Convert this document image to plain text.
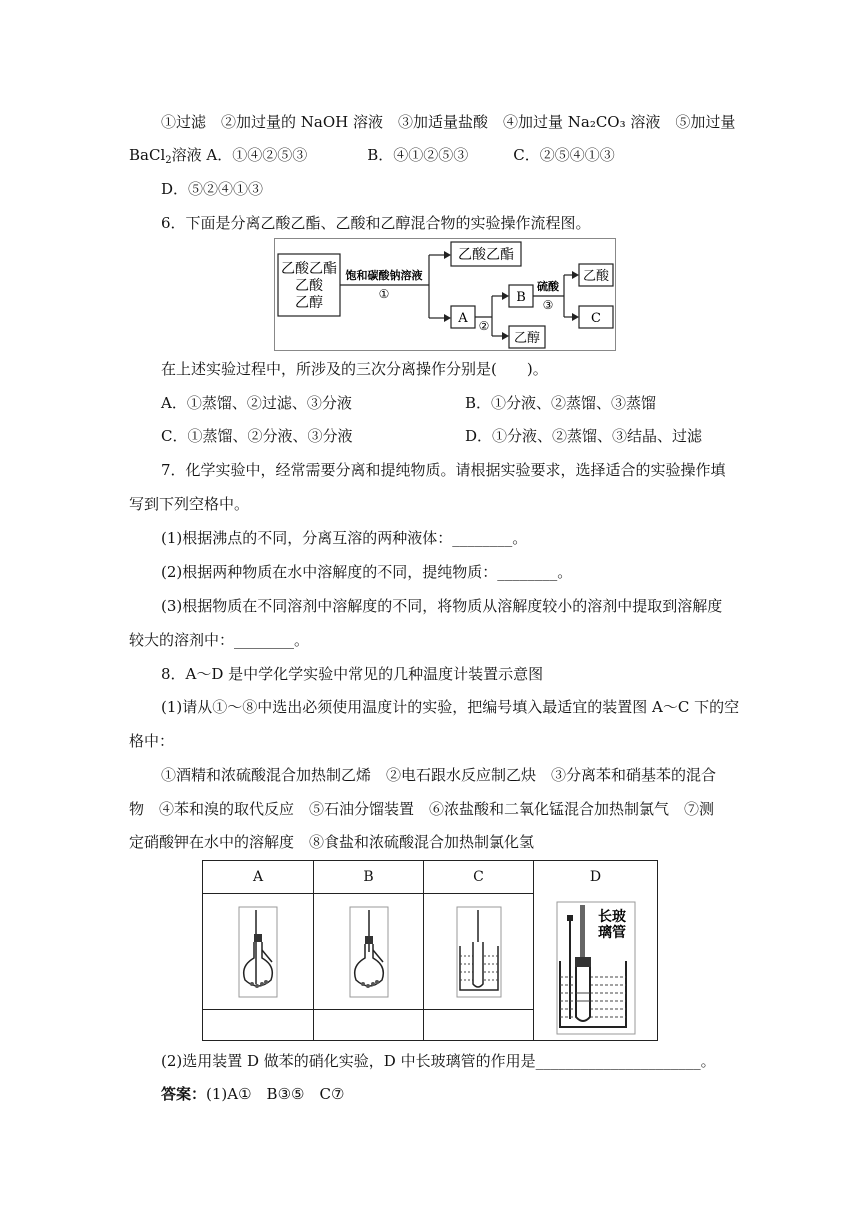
①过滤　②加过量的 NaOH 溶液　③加适量盐酸　④加过量 Na₂CO₃ 溶液　⑤加过量
BaCl$_2$溶液 A．①④②⑤③　　　　B．④①②⑤③　　　C．②⑤④①③
D．⑤②④①③
6．下面是分离乙酸乙酯、乙酸和乙醇混合物的实验操作流程图。
乙酸乙酯
乙酸
乙醇
饱和碳酸钠溶液
①
乙酸乙酯
A ②
B
乙醇
硫酸
③
乙酸
C
在上述实验过程中，所涉及的三次分离操作分别是(　　)。
A．①蒸馏、②过滤、③分液	B．①分液、②蒸馏、③蒸馏
C．①蒸馏、②分液、③分液	D．①分液、②蒸馏、③结晶、过滤
7．化学实验中，经常需要分离和提纯物质。请根据实验要求，选择适合的实验操作填
写到下列空格中。
(1)根据沸点的不同，分离互溶的两种液体：________。
(2)根据两种物质在水中溶解度的不同，提纯物质：________。
(3)根据物质在不同溶剂中溶解度的不同，将物质从溶解度较小的溶剂中提取到溶解度
较大的溶剂中：________。
8．A～D 是中学化学实验中常见的几种温度计装置示意图
(1)请从①～⑧中选出必须使用温度计的实验，把编号填入最适宜的装置图 A～C 下的空
格中：
①酒精和浓硫酸混合加热制乙烯　②电石跟水反应制乙炔　③分离苯和硝基苯的混合
物　④苯和溴的取代反应　⑤石油分馏装置　⑥浓盐酸和二氧化锰混合加热制氯气　⑦测
定硝酸钾在水中的溶解度　⑧食盐和浓硫酸混合加热制氯化氢
A	B	C	D
长玻
璃管

(2)选用装置 D 做苯的硝化实验，D 中长玻璃管的作用是______________________。
答案：(1)A①　B③⑤　C⑦
